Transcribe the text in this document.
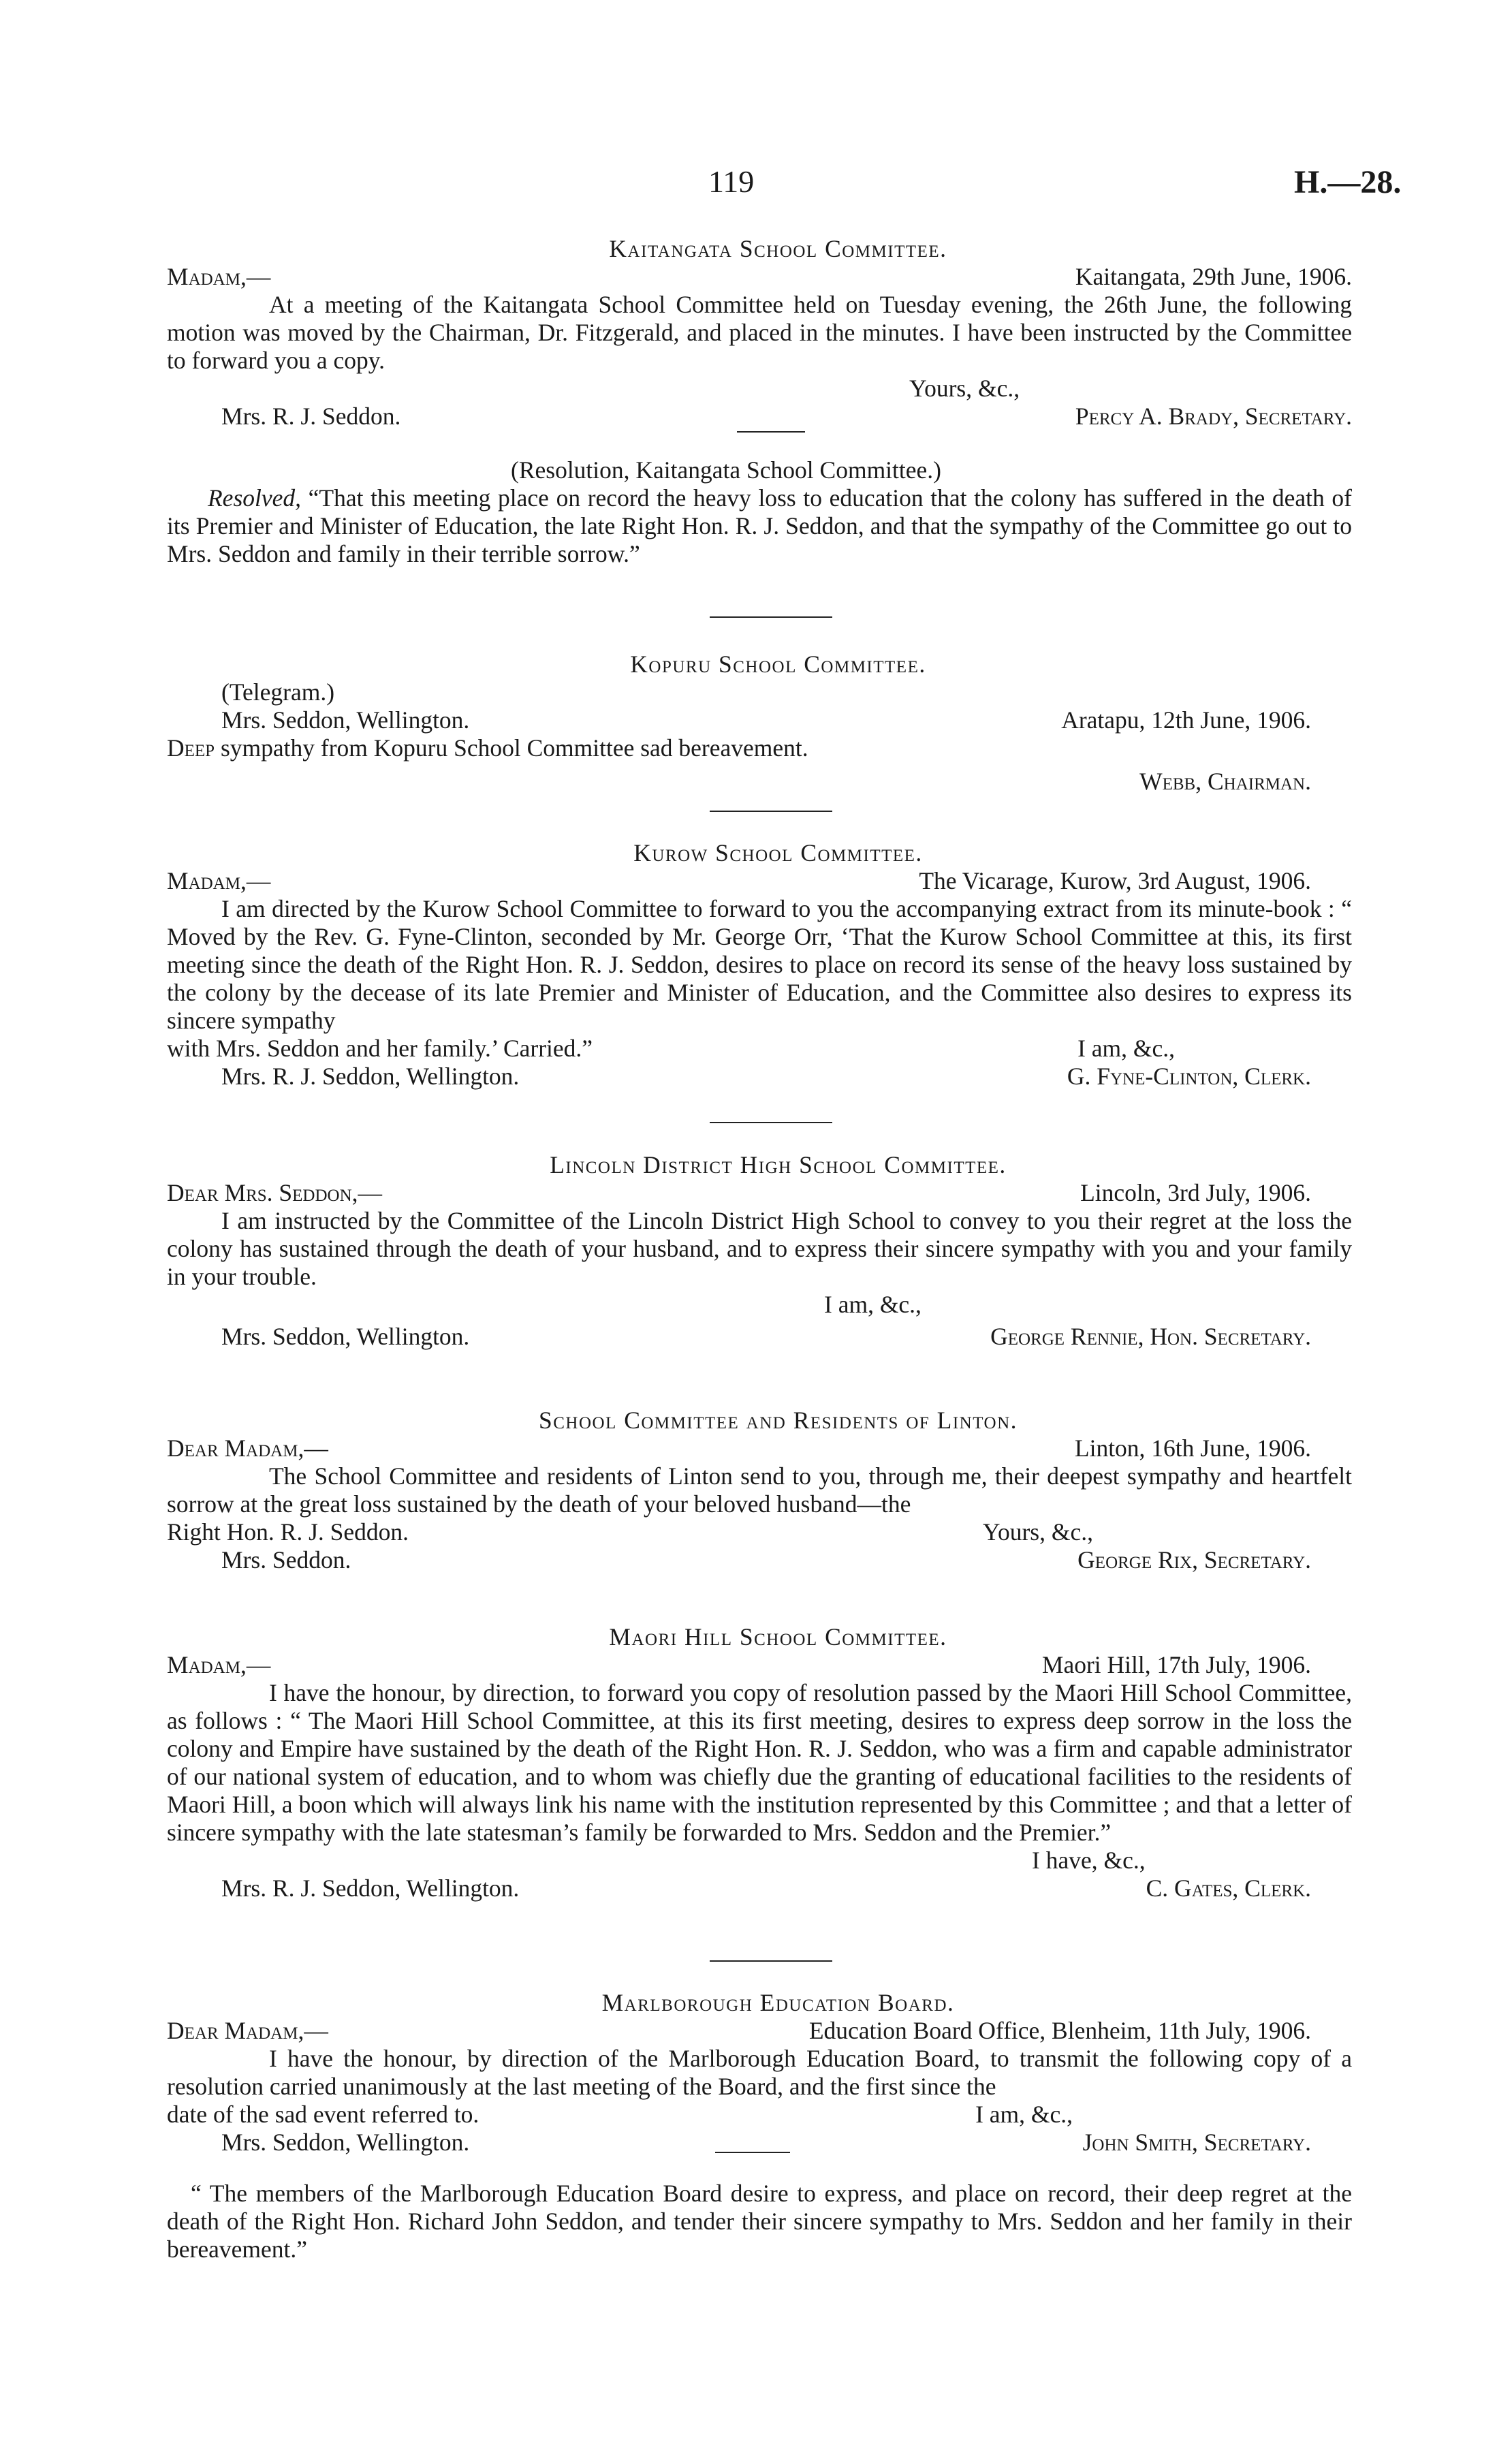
119	H.—28.
Kaitangata School Committee.
Madam,—	Kaitangata, 29th June, 1906.

At a meeting of the Kaitangata School Committee held on Tuesday evening, the 26th June, the following motion was moved by the Chairman, Dr. Fitzgerald, and placed in the minutes. I have been instructed by the Committee to forward you a copy.

Yours, &c.,
Mrs. R. J. Seddon.	Percy A. Brady, Secretary.
(Resolution, Kaitangata School Committee.)

Resolved, “That this meeting place on record the heavy loss to education that the colony has suffered in the death of its Premier and Minister of Education, the late Right Hon. R. J. Seddon, and that the sympathy of the Committee go out to Mrs. Seddon and family in their terrible sorrow.”

Kopuru School Committee.
(Telegram.)
Mrs. Seddon, Wellington.	Aratapu, 12th June, 1906.
Deep sympathy from Kopuru School Committee sad bereavement.
Webb, Chairman.
Kurow School Committee.
Madam,—	The Vicarage, Kurow, 3rd August, 1906.

I am directed by the Kurow School Committee to forward to you the accompanying extract from its minute-book : “ Moved by the Rev. G. Fyne-Clinton, seconded by Mr. George Orr, ‘That the Kurow School Committee at this, its first meeting since the death of the Right Hon. R. J. Seddon, desires to place on record its sense of the heavy loss sustained by the colony by the decease of its late Premier and Minister of Education, and the Committee also desires to express its sincere sympathy

with Mrs. Seddon and her family.’ Carried.”	I am, &c.,
Mrs. R. J. Seddon, Wellington.	G. Fyne-Clinton, Clerk.
Lincoln District High School Committee.
Dear Mrs. Seddon,—	Lincoln, 3rd July, 1906.

I am instructed by the Committee of the Lincoln District High School to convey to you their regret at the loss the colony has sustained through the death of your husband, and to express their sincere sympathy with you and your family in your trouble.

I am, &c.,
Mrs. Seddon, Wellington.	George Rennie, Hon. Secretary.
School Committee and Residents of Linton.
Dear Madam,—	Linton, 16th June, 1906.

The School Committee and residents of Linton send to you, through me, their deepest sympathy and heartfelt sorrow at the great loss sustained by the death of your beloved husband—the

Right Hon. R. J. Seddon.	Yours, &c.,
Mrs. Seddon.	George Rix, Secretary.
Maori Hill School Committee.
Madam,—	Maori Hill, 17th July, 1906.

I have the honour, by direction, to forward you copy of resolution passed by the Maori Hill School Committee, as follows : “ The Maori Hill School Committee, at this its first meeting, desires to express deep sorrow in the loss the colony and Empire have sustained by the death of the Right Hon. R. J. Seddon, who was a firm and capable administrator of our national system of education, and to whom was chiefly due the granting of educational facilities to the residents of Maori Hill, a boon which will always link his name with the institution represented by this Committee ; and that a letter of sincere sympathy with the late statesman’s family be forwarded to Mrs. Seddon and the Premier.”

I have, &c.,
Mrs. R. J. Seddon, Wellington.	C. Gates, Clerk.
Marlborough Education Board.
Dear Madam,—	Education Board Office, Blenheim, 11th July, 1906.

I have the honour, by direction of the Marlborough Education Board, to transmit the following copy of a resolution carried unanimously at the last meeting of the Board, and the first since the

date of the sad event referred to.	I am, &c.,
Mrs. Seddon, Wellington.	John Smith, Secretary.

“ The members of the Marlborough Education Board desire to express, and place on record, their deep regret at the death of the Right Hon. Richard John Seddon, and tender their sincere sympathy to Mrs. Seddon and her family in their bereavement.”
